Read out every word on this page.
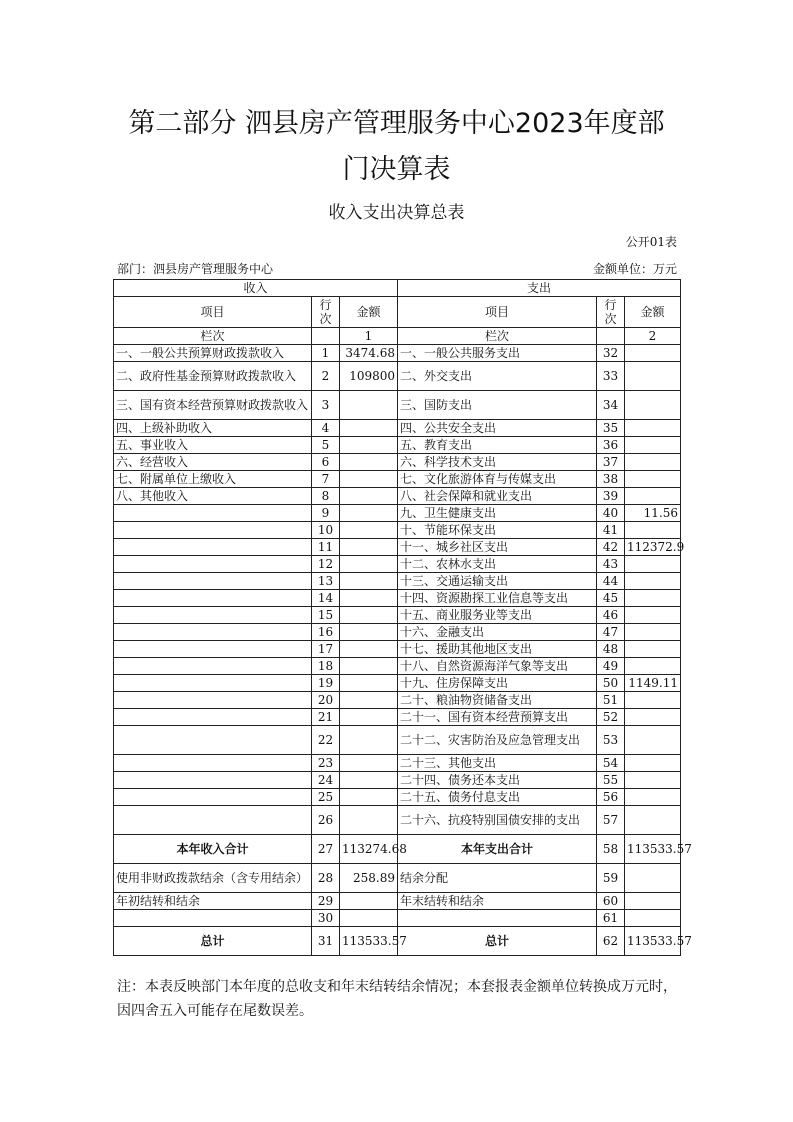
第二部分 泗县房产管理服务中心2023年度部
门决算表
收入支出决算总表
公开01表
部门：泗县房产管理服务中心	金额单位：万元
收入			支出		
项目	行次	金额	项目	行次	金额
栏次		1	栏次		2
一、一般公共预算财政拨款收入	1	3474.68	一、一般公共服务支出	32	
二、政府性基金预算财政拨款收入	2	109800	二、外交支出	33	
三、国有资本经营预算财政拨款收入	3		三、国防支出	34	
四、上级补助收入	4		四、公共安全支出	35	
五、事业收入	5		五、教育支出	36	
六、经营收入	6		六、科学技术支出	37	
七、附属单位上缴收入	7		七、文化旅游体育与传媒支出	38	
八、其他收入	8		八、社会保障和就业支出	39	
	9		九、卫生健康支出	40	11.56
	10		十、节能环保支出	41	
	11		十一、城乡社区支出	42	112372.9
	12		十二、农林水支出	43	
	13		十三、交通运输支出	44	
	14		十四、资源勘探工业信息等支出	45	
	15		十五、商业服务业等支出	46	
	16		十六、金融支出	47	
	17		十七、援助其他地区支出	48	
	18		十八、自然资源海洋气象等支出	49	
	19		十九、住房保障支出	50	1149.11
	20		二十、粮油物资储备支出	51	
	21		二十一、国有资本经营预算支出	52	
	22		二十二、灾害防治及应急管理支出	53	
	23		二十三、其他支出	54	
	24		二十四、债务还本支出	55	
	25		二十五、债务付息支出	56	
	26		二十六、抗疫特别国债安排的支出	57	
本年收入合计	27	113274.68	本年支出合计	58	113533.57
使用非财政拨款结余（含专用结余）	28	258.89	结余分配	59	
年初结转和结余	29		年末结转和结余	60	
	30			61	
总计	31	113533.57	总计	62	113533.57
注：本表反映部门本年度的总收支和年末结转结余情况；本套报表金额单位转换成万元时，因四舍五入可能存在尾数误差。
